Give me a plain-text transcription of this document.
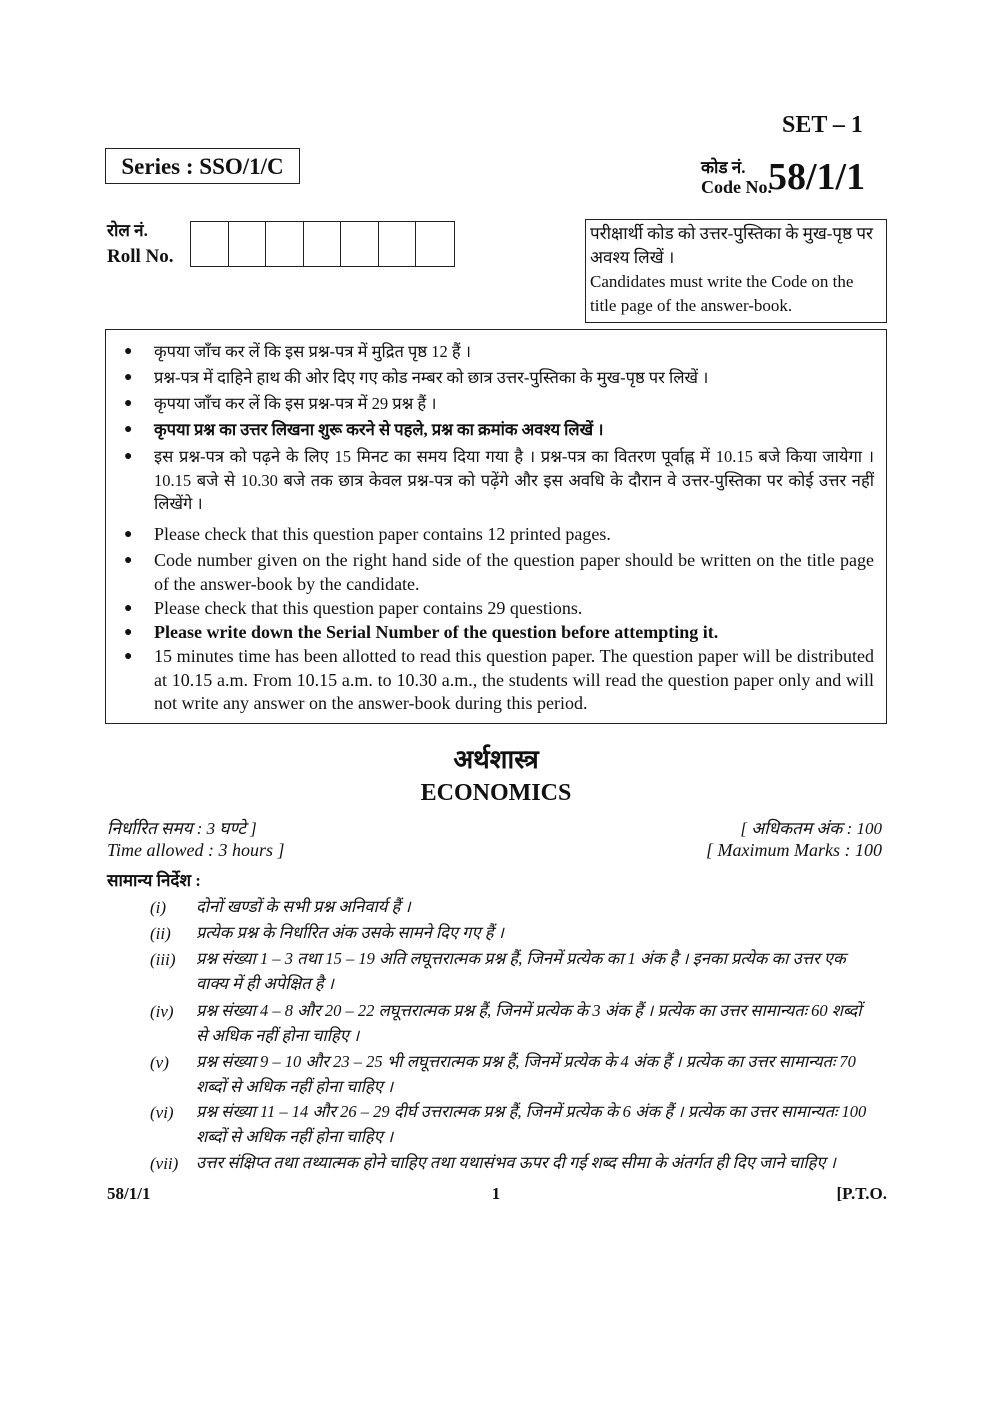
SET – 1
Series : SSO/1/C	कोड नं.
Code No.
58/1/1
रोल नं.
Roll No.
परीक्षार्थी कोड को उत्तर-पुस्तिका के मुख-पृष्ठ पर अवश्य लिखें ।
Candidates must write the Code on the title page of the answer-book.
● कृपया जाँच कर लें कि इस प्रश्न-पत्र में मुद्रित पृष्ठ 12 हैं ।
● प्रश्न-पत्र में दाहिने हाथ की ओर दिए गए कोड नम्बर को छात्र उत्तर-पुस्तिका के मुख-पृष्ठ पर लिखें ।
● कृपया जाँच कर लें कि इस प्रश्न-पत्र में 29 प्रश्न हैं ।
● कृपया प्रश्न का उत्तर लिखना शुरू करने से पहले, प्रश्न का क्रमांक अवश्य लिखें ।
● इस प्रश्न-पत्र को पढ़ने के लिए 15 मिनट का समय दिया गया है । प्रश्न-पत्र का वितरण पूर्वाह्न में 10.15 बजे किया जायेगा । 10.15 बजे से 10.30 बजे तक छात्र केवल प्रश्न-पत्र को पढ़ेंगे और इस अवधि के दौरान वे उत्तर-पुस्तिका पर कोई उत्तर नहीं लिखेंगे ।
● Please check that this question paper contains 12 printed pages.
● Code number given on the right hand side of the question paper should be written on the title page of the answer-book by the candidate.
● Please check that this question paper contains 29 questions.
● Please write down the Serial Number of the question before attempting it.
● 15 minutes time has been allotted to read this question paper. The question paper will be distributed at 10.15 a.m. From 10.15 a.m. to 10.30 a.m., the students will read the question paper only and will not write any answer on the answer-book during this period.
अर्थशास्त्र
ECONOMICS
निर्धारित समय : 3 घण्टे ]
Time allowed : 3 hours ]
[ अधिकतम अंक : 100
[ Maximum Marks : 100
सामान्य निर्देश :
(i) दोनों खण्डों के सभी प्रश्न अनिवार्य हैं ।
(ii) प्रत्येक प्रश्न के निर्धारित अंक उसके सामने दिए गए हैं ।
(iii) प्रश्न संख्या 1 – 3 तथा 15 – 19 अति लघूत्तरात्मक प्रश्न हैं, जिनमें प्रत्येक का 1 अंक है । इनका प्रत्येक का उत्तर एक वाक्य में ही अपेक्षित है ।
(iv) प्रश्न संख्या 4 – 8 और 20 – 22 लघूत्तरात्मक प्रश्न हैं, जिनमें प्रत्येक के 3 अंक हैं । प्रत्येक का उत्तर सामान्यतः 60 शब्दों से अधिक नहीं होना चाहिए ।
(v) प्रश्न संख्या 9 – 10 और 23 – 25 भी लघूत्तरात्मक प्रश्न हैं, जिनमें प्रत्येक के 4 अंक हैं । प्रत्येक का उत्तर सामान्यतः 70 शब्दों से अधिक नहीं होना चाहिए ।
(vi) प्रश्न संख्या 11 – 14 और 26 – 29 दीर्घ उत्तरात्मक प्रश्न हैं, जिनमें प्रत्येक के 6 अंक हैं । प्रत्येक का उत्तर सामान्यतः 100 शब्दों से अधिक नहीं होना चाहिए ।
(vii) उत्तर संक्षिप्त तथा तथ्यात्मक होने चाहिए तथा यथासंभव ऊपर दी गई शब्द सीमा के अंतर्गत ही दिए जाने चाहिए ।
58/1/1	1	[P.T.O.
